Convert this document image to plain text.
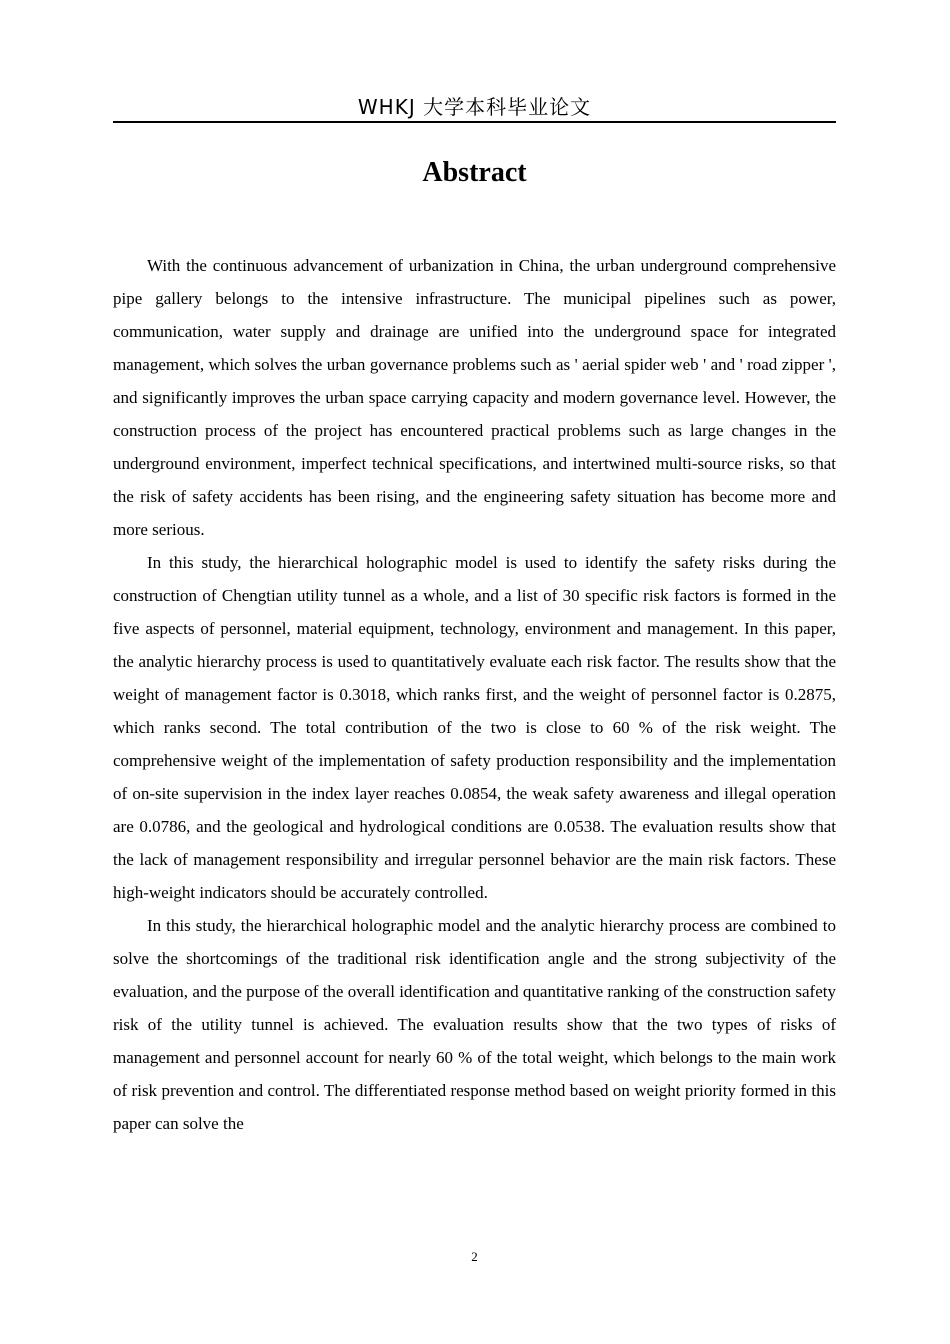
WHKJ 大学本科毕业论文
Abstract

With the continuous advancement of urbanization in China, the urban underground comprehensive pipe gallery belongs to the intensive infrastructure. The municipal pipelines such as power, communication, water supply and drainage are unified into the underground space for integrated management, which solves the urban governance problems such as ' aerial spider web ' and ' road zipper ', and significantly improves the urban space carrying capacity and modern governance level. However, the construction process of the project has encountered practical problems such as large changes in the underground environment, imperfect technical specifications, and intertwined multi-source risks, so that the risk of safety accidents has been rising, and the engineering safety situation has become more and more serious.

In this study, the hierarchical holographic model is used to identify the safety risks during the construction of Chengtian utility tunnel as a whole, and a list of 30 specific risk factors is formed in the five aspects of personnel, material equipment, technology, environment and management. In this paper, the analytic hierarchy process is used to quantitatively evaluate each risk factor. The results show that the weight of management factor is 0.3018, which ranks first, and the weight of personnel factor is 0.2875, which ranks second. The total contribution of the two is close to 60 % of the risk weight. The comprehensive weight of the implementation of safety production responsibility and the implementation of on-site supervision in the index layer reaches 0.0854, the weak safety awareness and illegal operation are 0.0786, and the geological and hydrological conditions are 0.0538. The evaluation results show that the lack of management responsibility and irregular personnel behavior are the main risk factors. These high-weight indicators should be accurately controlled.

In this study, the hierarchical holographic model and the analytic hierarchy process are combined to solve the shortcomings of the traditional risk identification angle and the strong subjectivity of the evaluation, and the purpose of the overall identification and quantitative ranking of the construction safety risk of the utility tunnel is achieved. The evaluation results show that the two types of risks of management and personnel account for nearly 60 % of the total weight, which belongs to the main work of risk prevention and control. The differentiated response method based on weight priority formed in this paper can solve the

2
